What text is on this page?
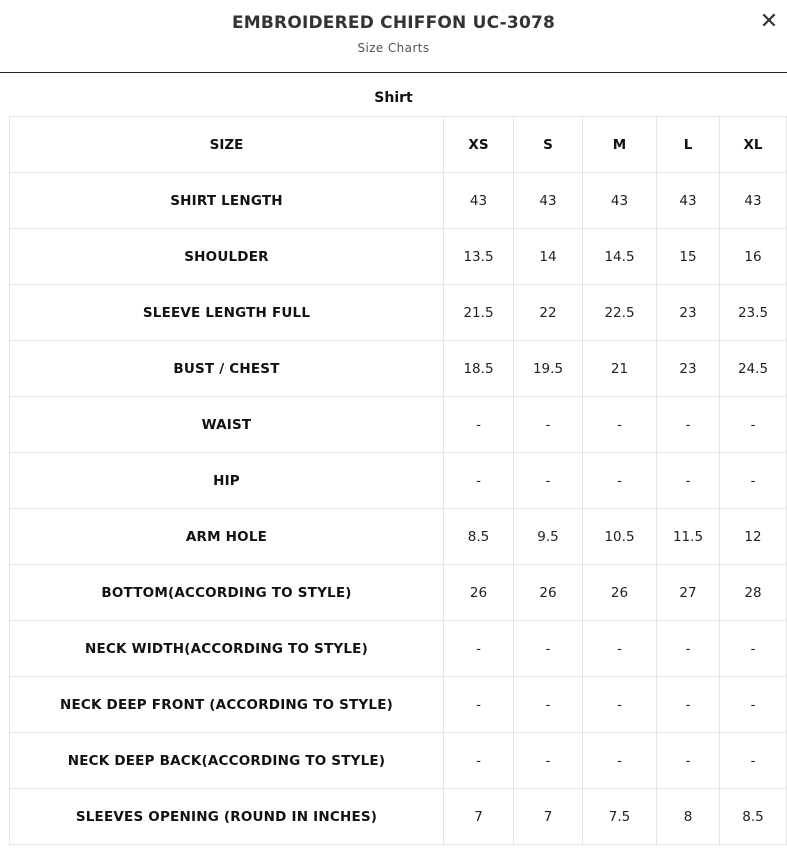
EMBROIDERED CHIFFON UC-3078
Size Charts
✕
Shirt
SIZE	XS	S	M	L	XL
SHIRT LENGTH	43	43	43	43	43
SHOULDER	13.5	14	14.5	15	16
SLEEVE LENGTH FULL	21.5	22	22.5	23	23.5
BUST / CHEST	18.5	19.5	21	23	24.5
WAIST	-	-	-	-	-
HIP	-	-	-	-	-
ARM HOLE	8.5	9.5	10.5	11.5	12
BOTTOM(ACCORDING TO STYLE)	26	26	26	27	28
NECK WIDTH(ACCORDING TO STYLE)	-	-	-	-	-
NECK DEEP FRONT (ACCORDING TO STYLE)	-	-	-	-	-
NECK DEEP BACK(ACCORDING TO STYLE)	-	-	-	-	-
SLEEVES OPENING (ROUND IN INCHES)	7	7	7.5	8	8.5
